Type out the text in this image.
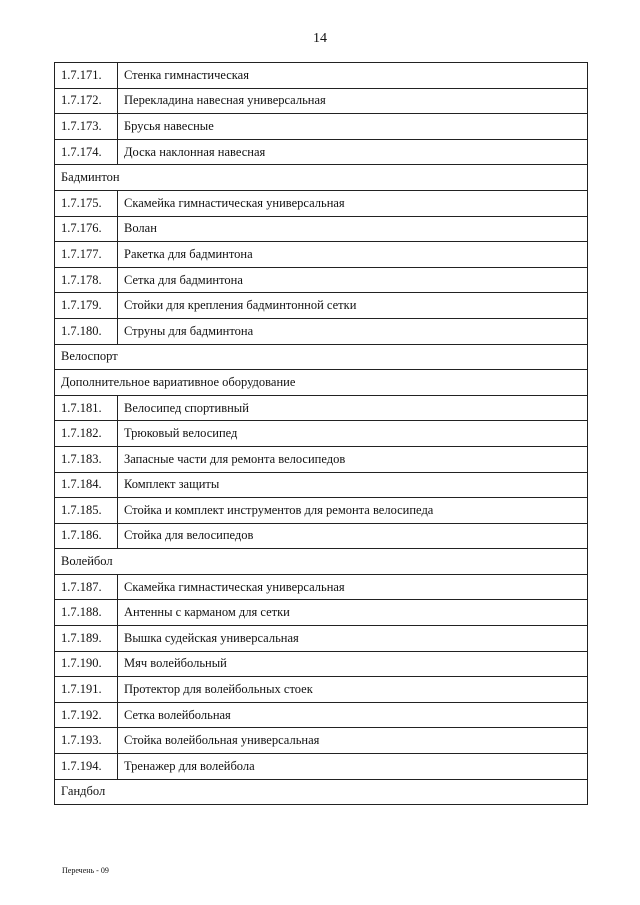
14
1.7.171.	Стенка гимнастическая
1.7.172.	Перекладина навесная универсальная
1.7.173.	Брусья навесные
1.7.174.	Доска наклонная навесная
Бадминтон	
1.7.175.	Скамейка гимнастическая универсальная
1.7.176.	Волан
1.7.177.	Ракетка для бадминтона
1.7.178.	Сетка для бадминтона
1.7.179.	Стойки для крепления бадминтонной сетки
1.7.180.	Струны для бадминтона
Велоспорт	
Дополнительное вариативное оборудование	
1.7.181.	Велосипед спортивный
1.7.182.	Трюковый велосипед
1.7.183.	Запасные части для ремонта велосипедов
1.7.184.	Комплект защиты
1.7.185.	Стойка и комплект инструментов для ремонта велосипеда
1.7.186.	Стойка для велосипедов
Волейбол	
1.7.187.	Скамейка гимнастическая универсальная
1.7.188.	Антенны с карманом для сетки
1.7.189.	Вышка судейская универсальная
1.7.190.	Мяч волейбольный
1.7.191.	Протектор для волейбольных стоек
1.7.192.	Сетка волейбольная
1.7.193.	Стойка волейбольная универсальная
1.7.194.	Тренажер для волейбола
Гандбол	
Перечень - 09
